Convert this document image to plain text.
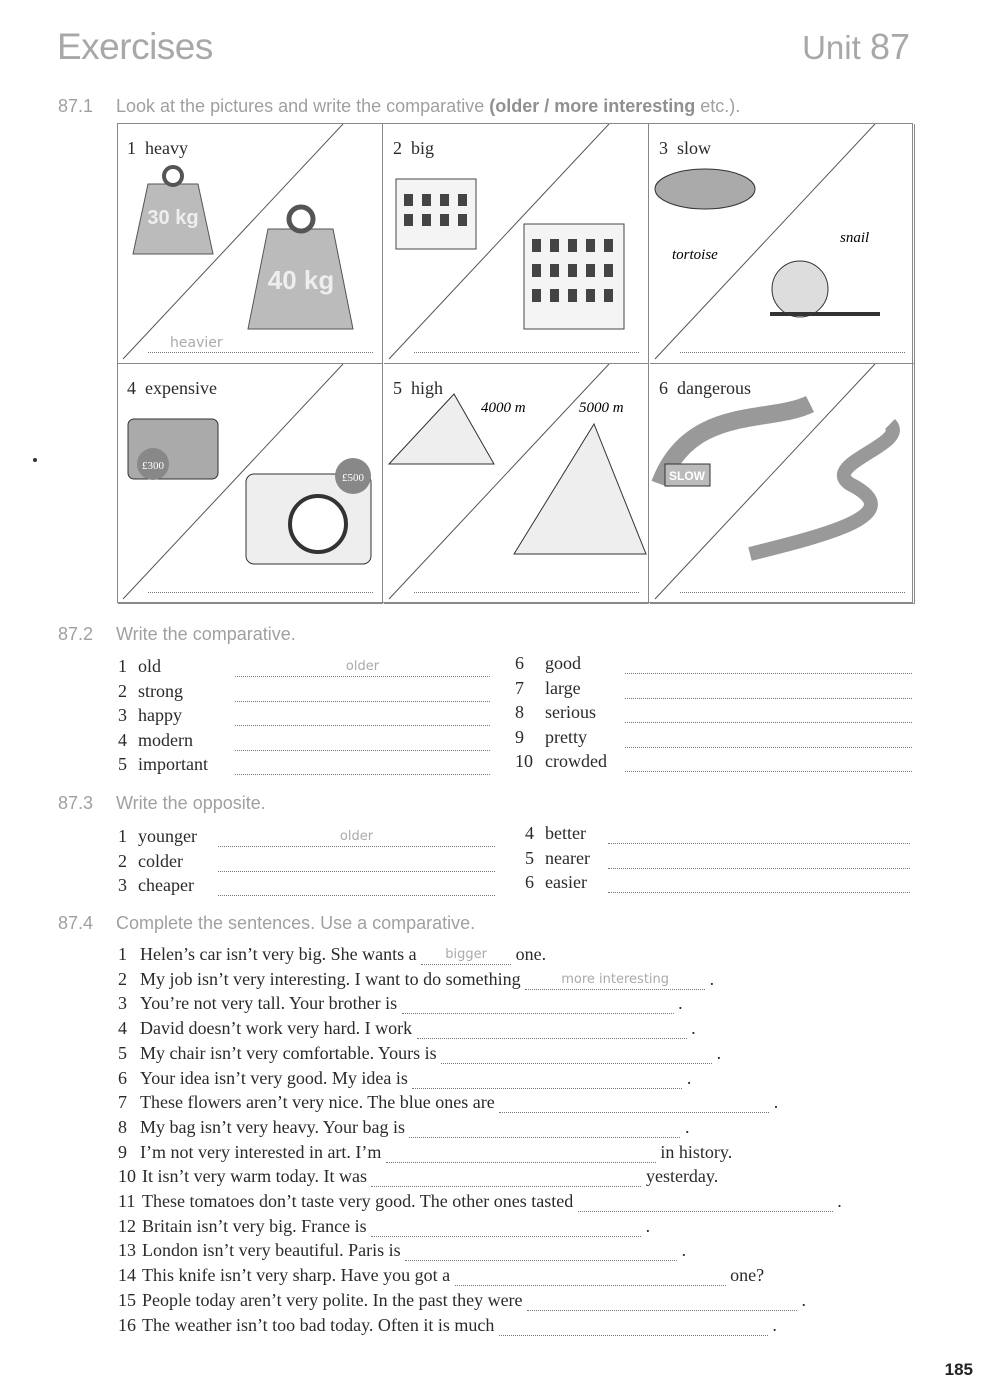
Exercises	Unit 87
87.1 Look at the pictures and write the comparative (older / more interesting etc.).
30 kg
40 kg
1 heavy
heavier
2 big
tortoise
snail
3 slow
£300
£500
4 expensive
4000 m	5000 m
5 high
SLOW
6 dangerous
87.2 Write the comparative.
1 old	older
2 strong
3 happy
4 modern
5 important
6	good
7	large
8	serious
9	pretty
10 crowded
87.3 Write the opposite.
1 younger	older
2 colder
3 cheaper
4 better
5 nearer
6 easier
87.4 Complete the sentences. Use a comparative.
1 Helen’s car isn’t very big. She wants a
	bigger
	one.
2 My job isn’t very interesting. I want to do something
	more interesting
	.
3 You’re not very tall. Your brother is

	.
4 David doesn’t work very hard. I work

	.
5 My chair isn’t very comfortable. Yours is

	.
6 Your idea isn’t very good. My idea is

	.
7 These flowers aren’t very nice. The blue ones are

	.
8 My bag isn’t very heavy. Your bag is

	.
9 I’m not very interested in art. I’m

	in history.
10 It isn’t very warm today. It was

	yesterday.
11 These tomatoes don’t taste very good. The other ones tasted

	.
12 Britain isn’t very big. France is

	.
13 London isn’t very beautiful. Paris is

	.
14 This knife isn’t very sharp. Have you got a

	one?
15 People today aren’t very polite. In the past they were

	.
16 The weather isn’t too bad today. Often it is much

	.
185
